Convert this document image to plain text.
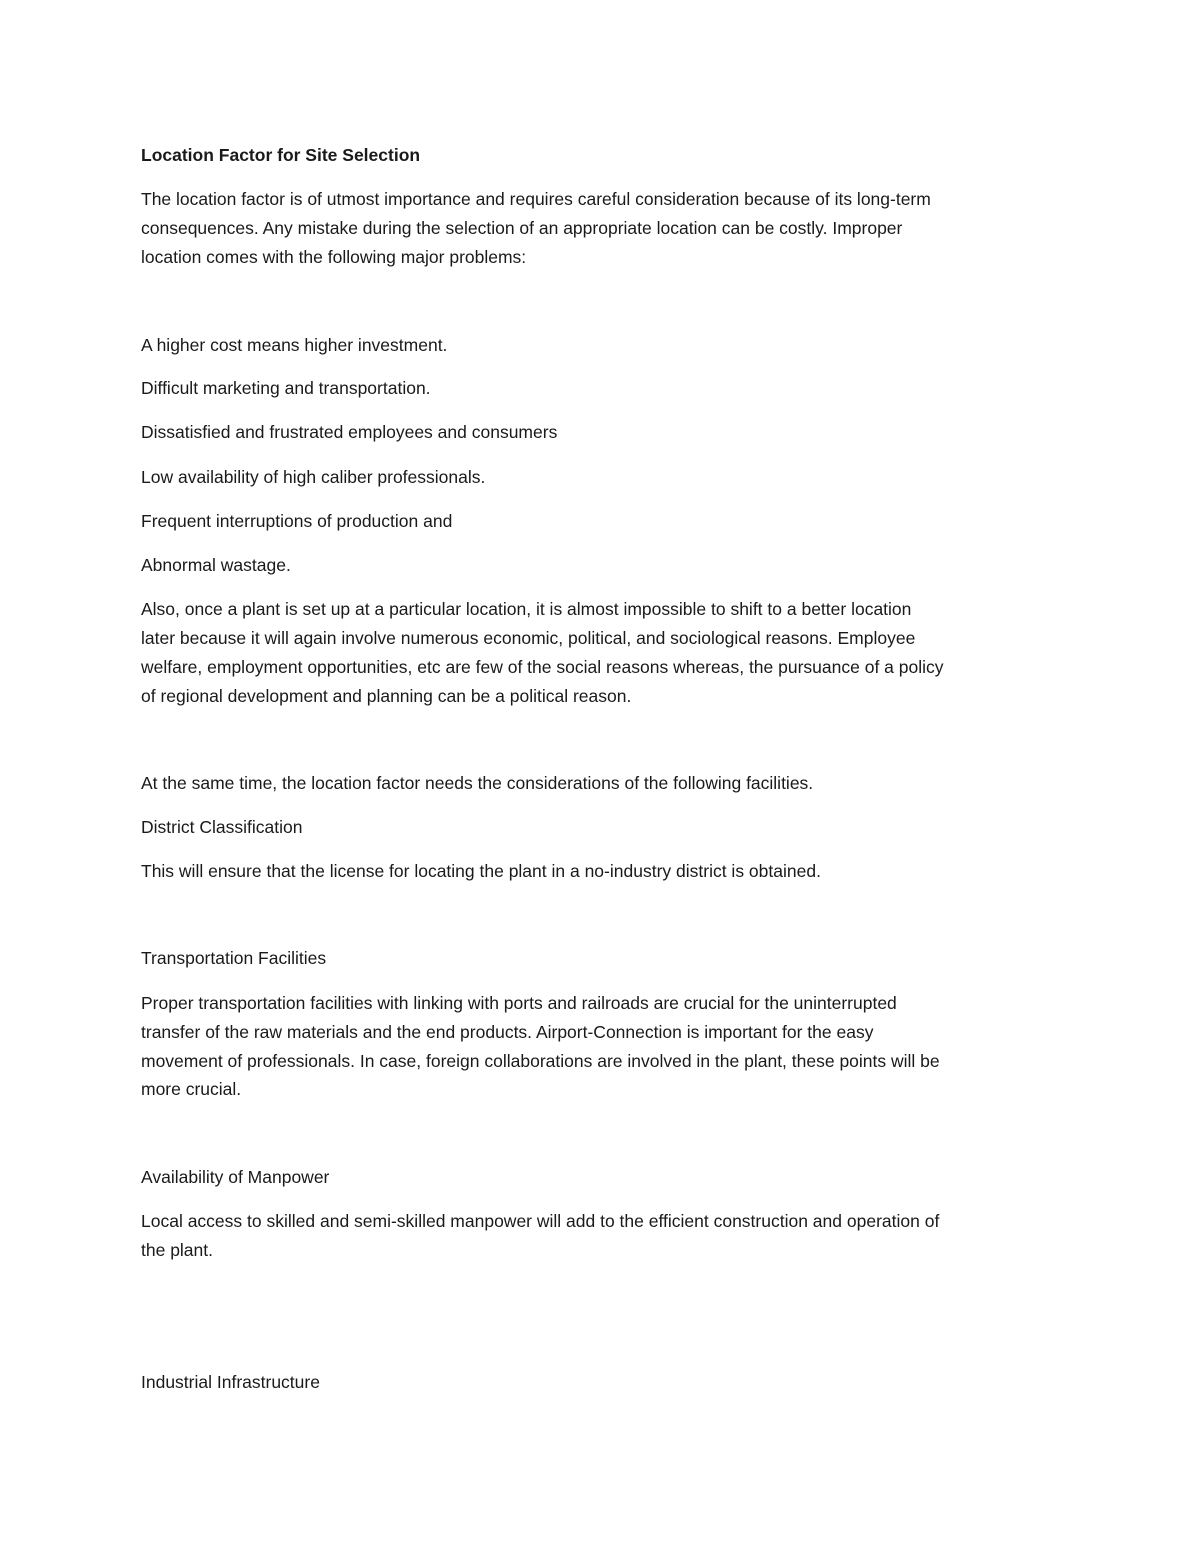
Location Factor for Site Selection

The location factor is of utmost importance and requires careful consideration because of its long-term

consequences. Any mistake during the selection of an appropriate location can be costly. Improper

location comes with the following major problems:

A higher cost means higher investment.

Difficult marketing and transportation.

Dissatisfied and frustrated employees and consumers

Low availability of high caliber professionals.

Frequent interruptions of production and

Abnormal wastage.

Also, once a plant is set up at a particular location, it is almost impossible to shift to a better location

later because it will again involve numerous economic, political, and sociological reasons. Employee

welfare, employment opportunities, etc are few of the social reasons whereas, the pursuance of a policy

of regional development and planning can be a political reason.

At the same time, the location factor needs the considerations of the following facilities.

District Classification

This will ensure that the license for locating the plant in a no-industry district is obtained.

Transportation Facilities

Proper transportation facilities with linking with ports and railroads are crucial for the uninterrupted

transfer of the raw materials and the end products. Airport-Connection is important for the easy

movement of professionals. In case, foreign collaborations are involved in the plant, these points will be

more crucial.

Availability of Manpower

Local access to skilled and semi-skilled manpower will add to the efficient construction and operation of

the plant.

Industrial Infrastructure
